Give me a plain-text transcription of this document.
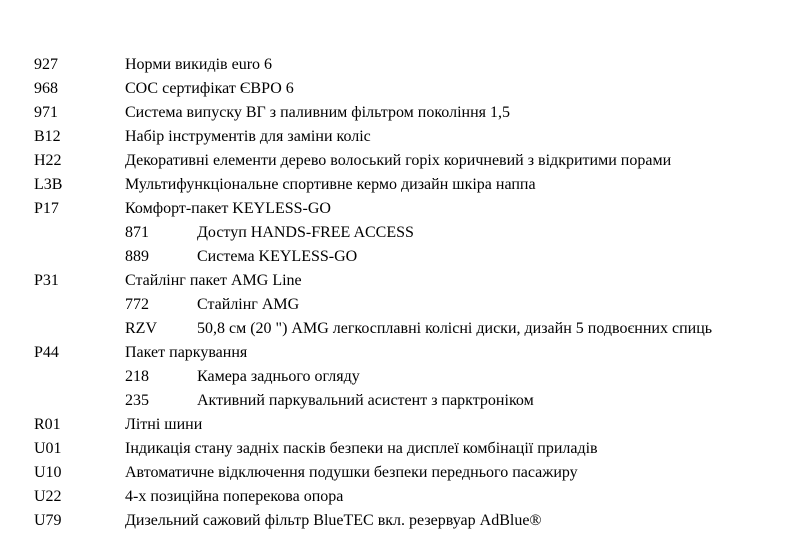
927	Норми викидів euro 6
968	СОС сертифікат ЄВРО 6
971	Система випуску ВГ з паливним фільтром покоління 1,5
B12	Набір інструментів для заміни коліс
H22	Декоративні елементи дерево волоський горіх коричневий з відкритими порами
L3B	Мультифункціональне спортивне кермо дизайн шкіра наппа
P17	Комфорт-пакет KEYLESS-GO
871	Доступ HANDS-FREE ACCESS
889	Система KEYLESS-GO
P31	Стайлінг пакет AMG Line
772	Стайлінг AMG
RZV	50,8 см (20 ") AMG легкосплавні колісні диски, дизайн 5 подвоєнних спиць
P44	Пакет паркування
218	Камера заднього огляду
235	Активний паркувальний асистент з парктроніком
R01	Літні шини
U01	Індикація стану задніх пасків безпеки на дисплеї комбінації приладів
U10	Автоматичне відключення подушки безпеки переднього пасажиру
U22	4-х позиційна поперекова опора
U79	Дизельний сажовий фільтр BlueTEC вкл. резервуар AdBlue®
